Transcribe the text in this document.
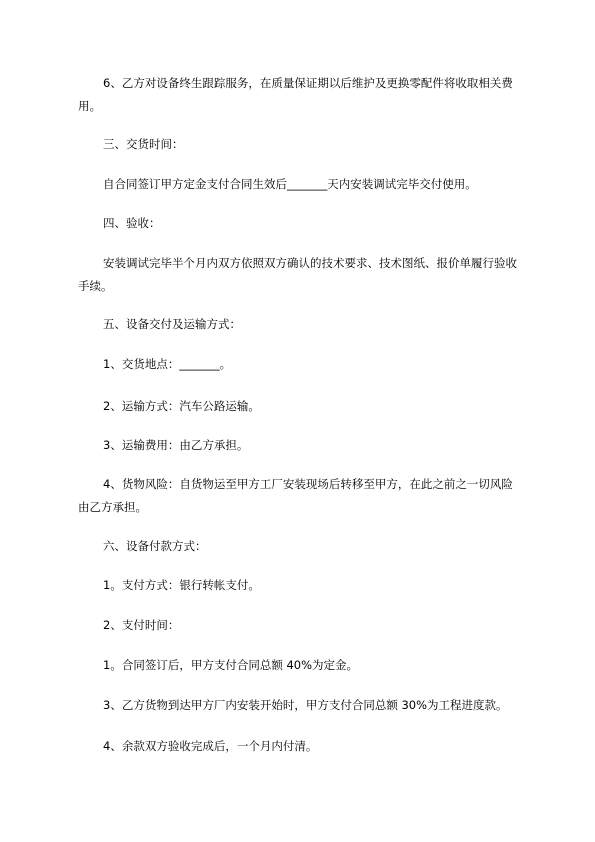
6、乙方对设备终生跟踪服务，在质量保证期以后维护及更换零配件将收取相关费用。

三、交货时间：

自合同签订甲方定金支付合同生效后_______天内安装调试完毕交付使用。

四、验收：

安装调试完毕半个月内双方依照双方确认的技术要求、技术图纸、报价单履行验收手续。

五、设备交付及运输方式：

1、交货地点：_______。

2、运输方式：汽车公路运输。

3、运输费用：由乙方承担。

4、货物风险：自货物运至甲方工厂安装现场后转移至甲方，在此之前之一切风险由乙方承担。

六、设备付款方式：

1。支付方式：银行转帐支付。

2、支付时间：

1。合同签订后，甲方支付合同总额 40%为定金。

3、乙方货物到达甲方厂内安装开始时，甲方支付合同总额 30%为工程进度款。

4、余款双方验收完成后，一个月内付清。
